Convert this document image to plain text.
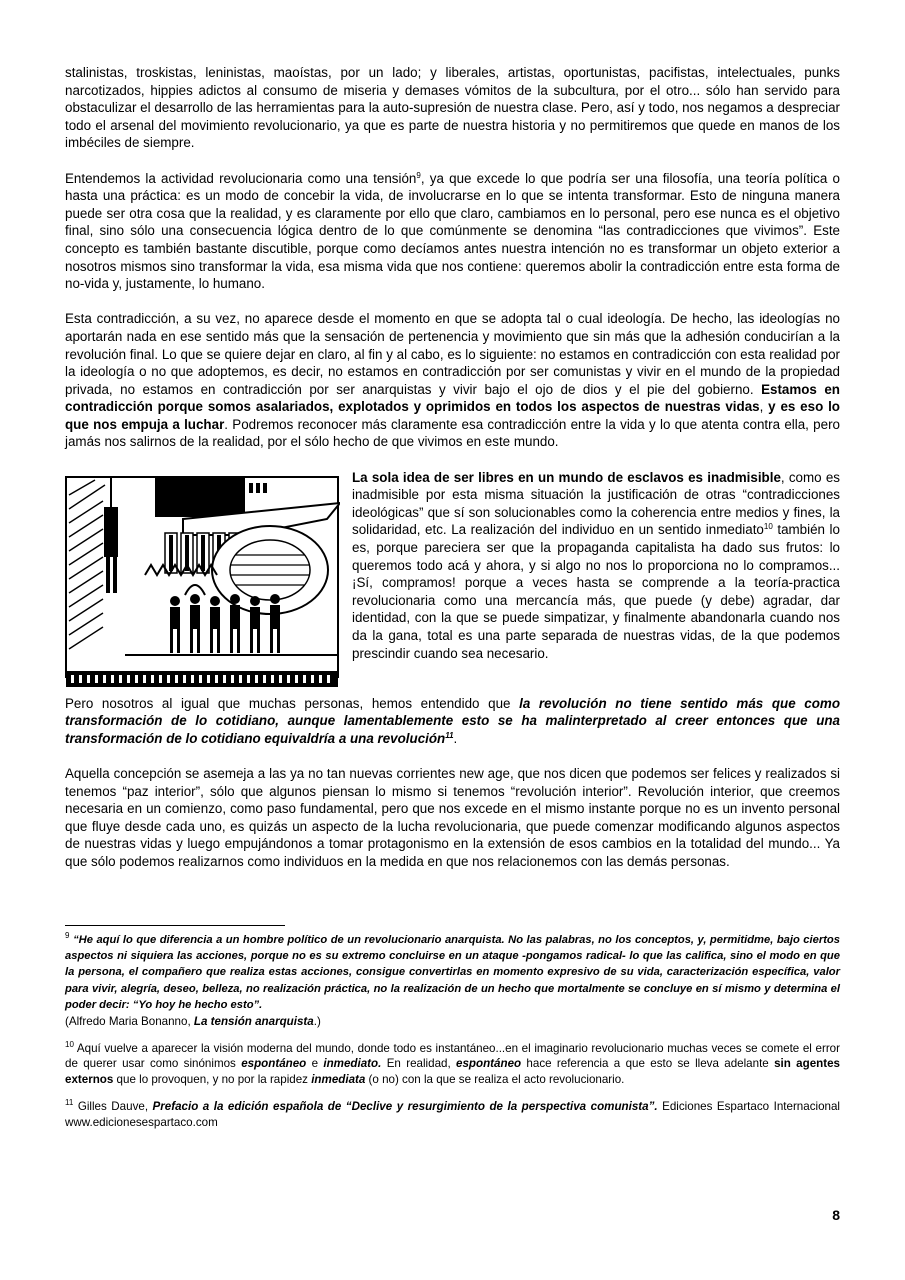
stalinistas, troskistas, leninistas, maoístas, por un lado; y liberales, artistas, oportunistas, pacifistas, intelectuales, punks narcotizados, hippies adictos al consumo de miseria y demases vómitos de la subcultura, por el otro... sólo han servido para obstaculizar el desarrollo de las herramientas para la auto-supresión de nuestra clase. Pero, así y todo, nos negamos a despreciar todo el arsenal del movimiento revolucionario, ya que es parte de nuestra historia y no permitiremos que quede en manos de los imbéciles de siempre.

Entendemos la actividad revolucionaria como una tensión$^9$, ya que excede lo que podría ser una filosofía, una teoría política o hasta una práctica: es un modo de concebir la vida, de involucrarse en lo que se intenta transformar. Esto de ninguna manera puede ser otra cosa que la realidad, y es claramente por ello que claro, cambiamos en lo personal, pero ese nunca es el objetivo final, sino sólo una consecuencia lógica dentro de lo que comúnmente se denomina “las contradicciones que vivimos”. Este concepto es también bastante discutible, porque como decíamos antes nuestra intención no es transformar un objeto exterior a nosotros mismos sino transformar la vida, esa misma vida que nos contiene: queremos abolir la contradicción entre esta forma de no-vida y, justamente, lo humano.

Esta contradicción, a su vez, no aparece desde el momento en que se adopta tal o cual ideología. De hecho, las ideologías no aportarán nada en ese sentido más que la sensación de pertenencia y movimiento que sin más que la adhesión conducirían a la revolución final. Lo que se quiere dejar en claro, al fin y al cabo, es lo siguiente: no estamos en contradicción con esta realidad por la ideología o no que adoptemos, es decir, no estamos en contradicción por ser comunistas y vivir en el mundo de la propiedad privada, no estamos en contradicción por ser anarquistas y vivir bajo el ojo de dios y el pie del gobierno. Estamos en contradicción porque somos asalariados, explotados y oprimidos en todos los aspectos de nuestras vidas, y es eso lo que nos empuja a luchar. Podremos reconocer más claramente esa contradicción entre la vida y lo que atenta contra ella, pero jamás nos salirnos de la realidad, por el sólo hecho de que vivimos en este mundo.

La sola idea de ser libres en un mundo de esclavos es inadmisible, como es inadmisible por esta misma situación la justificación de otras “contradicciones ideológicas” que sí son solucionables como la coherencia entre medios y fines, la solidaridad, etc. La realización del individuo en un sentido inmediato$^{10}$ también lo es, porque pareciera ser que la propaganda capitalista ha dado sus frutos: lo queremos todo acá y ahora, y si algo no nos lo proporciona no lo compramos... ¡Sí, compramos! porque a veces hasta se comprende a la teoría-practica revolucionaria como una mercancía más, que puede (y debe) agradar, dar identidad, con la que se puede simpatizar, y finalmente abandonarla cuando nos da la gana, total es una parte separada de nuestras vidas, de la que podemos prescindir cuando sea necesario.

Pero nosotros al igual que muchas personas, hemos entendido que la revolución no tiene sentido más que como transformación de lo cotidiano, aunque lamentablemente esto se ha malinterpretado al creer entonces que una transformación de lo cotidiano equivaldría a una revolución$^{11}$.

Aquella concepción se asemeja a las ya no tan nuevas corrientes new age, que nos dicen que podemos ser felices y realizados si tenemos “paz interior”, sólo que algunos piensan lo mismo si tenemos “revolución interior”. Revolución interior, que creemos necesaria en un comienzo, como paso fundamental, pero que nos excede en el mismo instante porque no es un invento personal que fluye desde cada uno, es quizás un aspecto de la lucha revolucionaria, que puede comenzar modificando algunos aspectos de nuestras vidas y luego empujándonos a tomar protagonismo en la extensión de esos cambios en la totalidad del mundo... Ya que sólo podemos realizarnos como individuos en la medida en que nos relacionemos con las demás personas.

$^9$ “He aquí lo que diferencia a un hombre político de un revolucionario anarquista. No las palabras, no los conceptos, y, permitidme, bajo ciertos aspectos ni siquiera las acciones, porque no es su extremo concluirse en un ataque -pongamos radical- lo que las califica, sino el modo en que la persona, el compañero que realiza estas acciones, consigue convertirlas en momento expresivo de su vida, caracterización específica, valor para vivir, alegría, deseo, belleza, no realización práctica, no la realización de un hecho que mortalmente se concluye en sí mismo y determina el poder decir: “Yo hoy he hecho esto”.
(Alfredo Maria Bonanno, La tensión anarquista.)

$^{10}$ Aquí vuelve a aparecer la visión moderna del mundo, donde todo es instantáneo...en el imaginario revolucionario muchas veces se comete el error de querer usar como sinónimos espontáneo e inmediato. En realidad, espontáneo hace referencia a que esto se lleva adelante sin agentes externos que lo provoquen, y no por la rapidez inmediata (o no) con la que se realiza el acto revolucionario.

$^{11}$ Gilles Dauve, Prefacio a la edición española de “Declive y resurgimiento de la perspectiva comunista”. Ediciones Espartaco Internacional www.edicionesespartaco.com

8
